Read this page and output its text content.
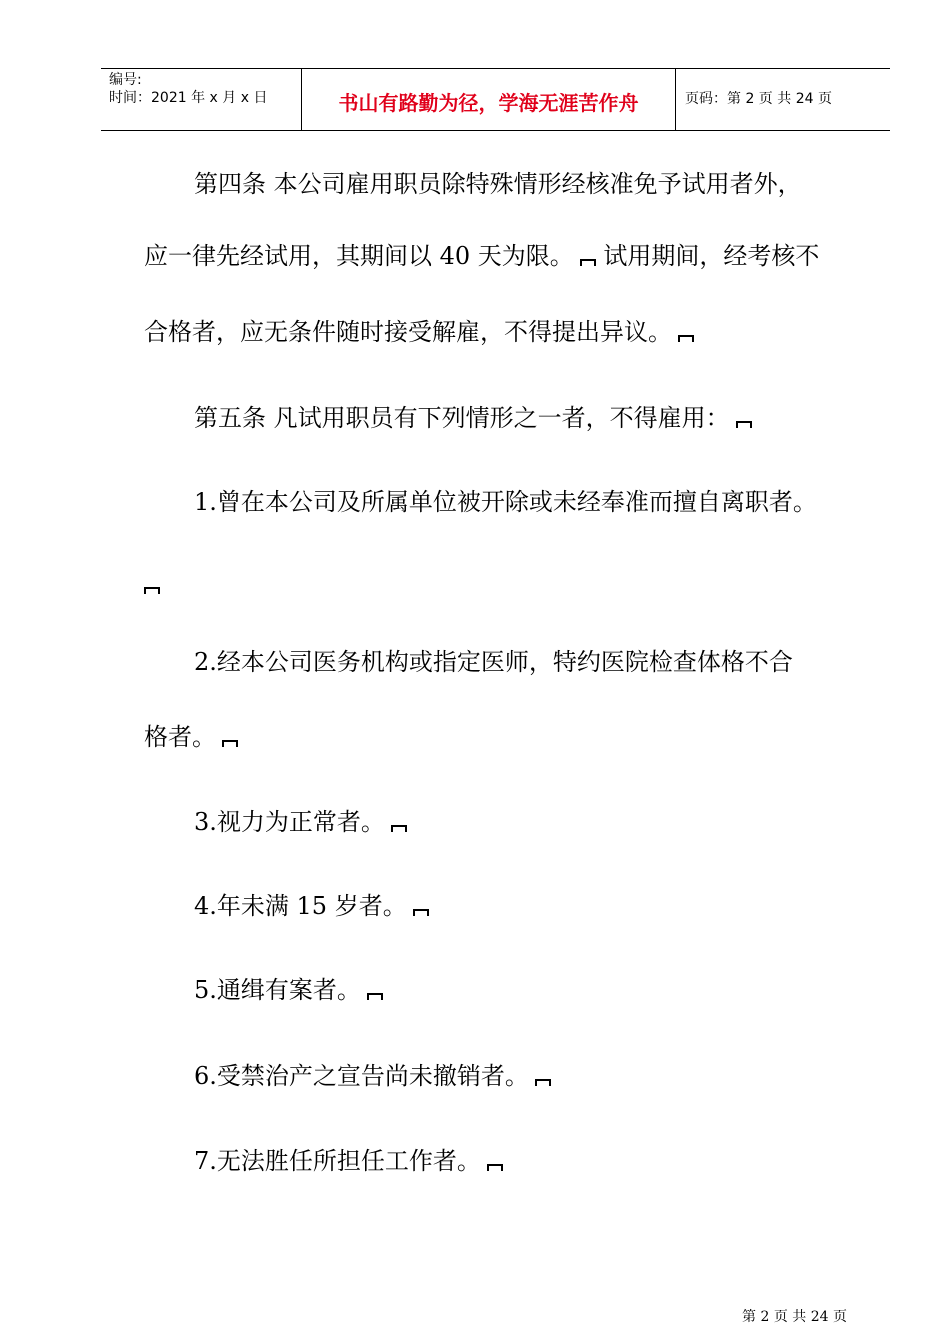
编号:
时间：2021 年 x 月 x 日	书山有路勤为径，学海无涯苦作舟	页码：第 2 页 共 24 页
第四条 本公司雇用职员除特殊情形经核准免予试用者外，
应一律先经试用，其期间以 40 天为限。 试用期间，经考核不
合格者，应无条件随时接受解雇，不得提出异议。
第五条 凡试用职员有下列情形之一者，不得雇用：
1.曾在本公司及所属单位被开除或未经奉准而擅自离职者。
2.经本公司医务机构或指定医师，特约医院检查体格不合
格者。
3.视力为正常者。
4.年未满 15 岁者。
5.通缉有案者。
6.受禁治产之宣告尚未撤销者。
7.无法胜任所担任工作者。
第 2 页 共 24 页
